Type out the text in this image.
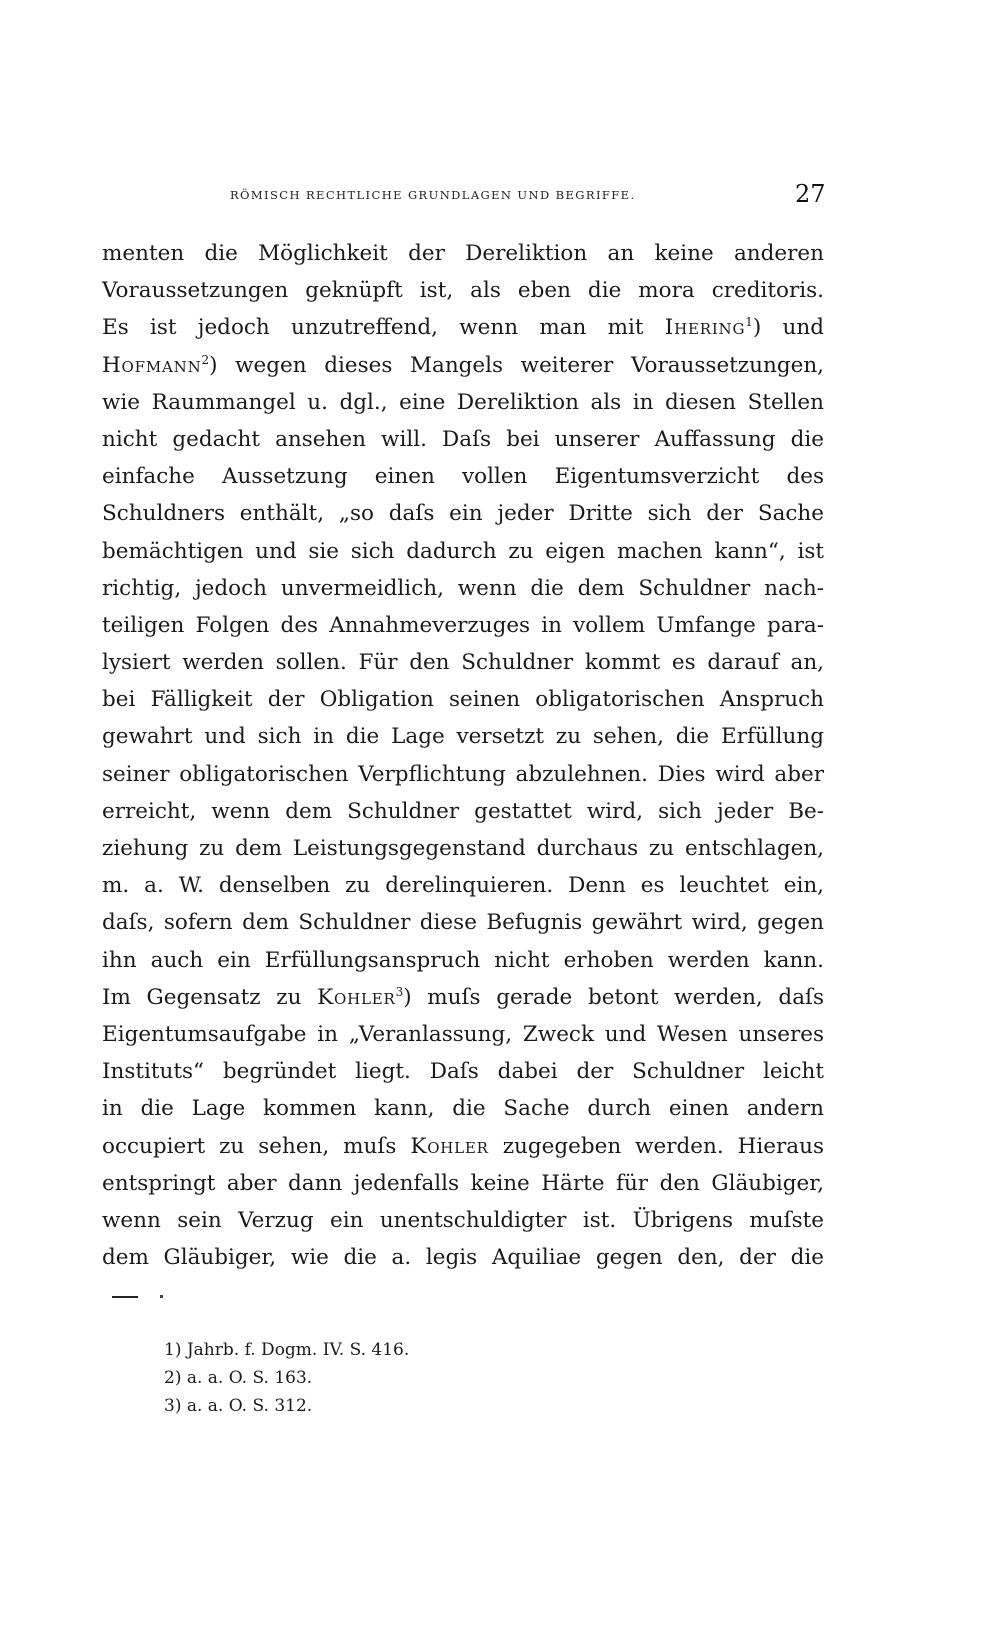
RÖMISCH RECHTLICHE GRUNDLAGEN UND BEGRIFFE.	27
menten die Möglichkeit der Dereliktion an keine anderen
Voraussetzungen geknüpft ist, als eben die mora creditoris.
Es ist jedoch unzutreffend, wenn man mit Ihering$^1$) und
Hofmann$^2$) wegen dieses Mangels weiterer Voraussetzungen,
wie Raummangel u. dgl., eine Dereliktion als in diesen Stellen
nicht gedacht ansehen will. Daſs bei unserer Auffassung die
einfache Aussetzung einen vollen Eigentumsverzicht des
Schuldners enthält, „so daſs ein jeder Dritte sich der Sache
bemächtigen und sie sich dadurch zu eigen machen kann“, ist
richtig, jedoch unvermeidlich, wenn die dem Schuldner nach-
teiligen Folgen des Annahmeverzuges in vollem Umfange para-
lysiert werden sollen. Für den Schuldner kommt es darauf an,
bei Fälligkeit der Obligation seinen obligatorischen Anspruch
gewahrt und sich in die Lage versetzt zu sehen, die Erfüllung
seiner obligatorischen Verpflichtung abzulehnen. Dies wird aber
erreicht, wenn dem Schuldner gestattet wird, sich jeder Be-
ziehung zu dem Leistungsgegenstand durchaus zu entschlagen,
m. a. W. denselben zu derelinquieren. Denn es leuchtet ein,
daſs, sofern dem Schuldner diese Befugnis gewährt wird, gegen
ihn auch ein Erfüllungsanspruch nicht erhoben werden kann.
Im Gegensatz zu Kohler$^3$) muſs gerade betont werden, daſs
Eigentumsaufgabe in „Veranlassung, Zweck und Wesen unseres
Instituts“ begründet liegt. Daſs dabei der Schuldner leicht
in die Lage kommen kann, die Sache durch einen andern
occupiert zu sehen, muſs Kohler zugegeben werden. Hieraus
entspringt aber dann jedenfalls keine Härte für den Gläubiger,
wenn sein Verzug ein unentschuldigter ist. Übrigens muſste
dem Gläubiger, wie die a. legis Aquiliae gegen den, der die
1) Jahrb. f. Dogm. IV. S. 416.
2) a. a. O. S. 163.
3) a. a. O. S. 312.
